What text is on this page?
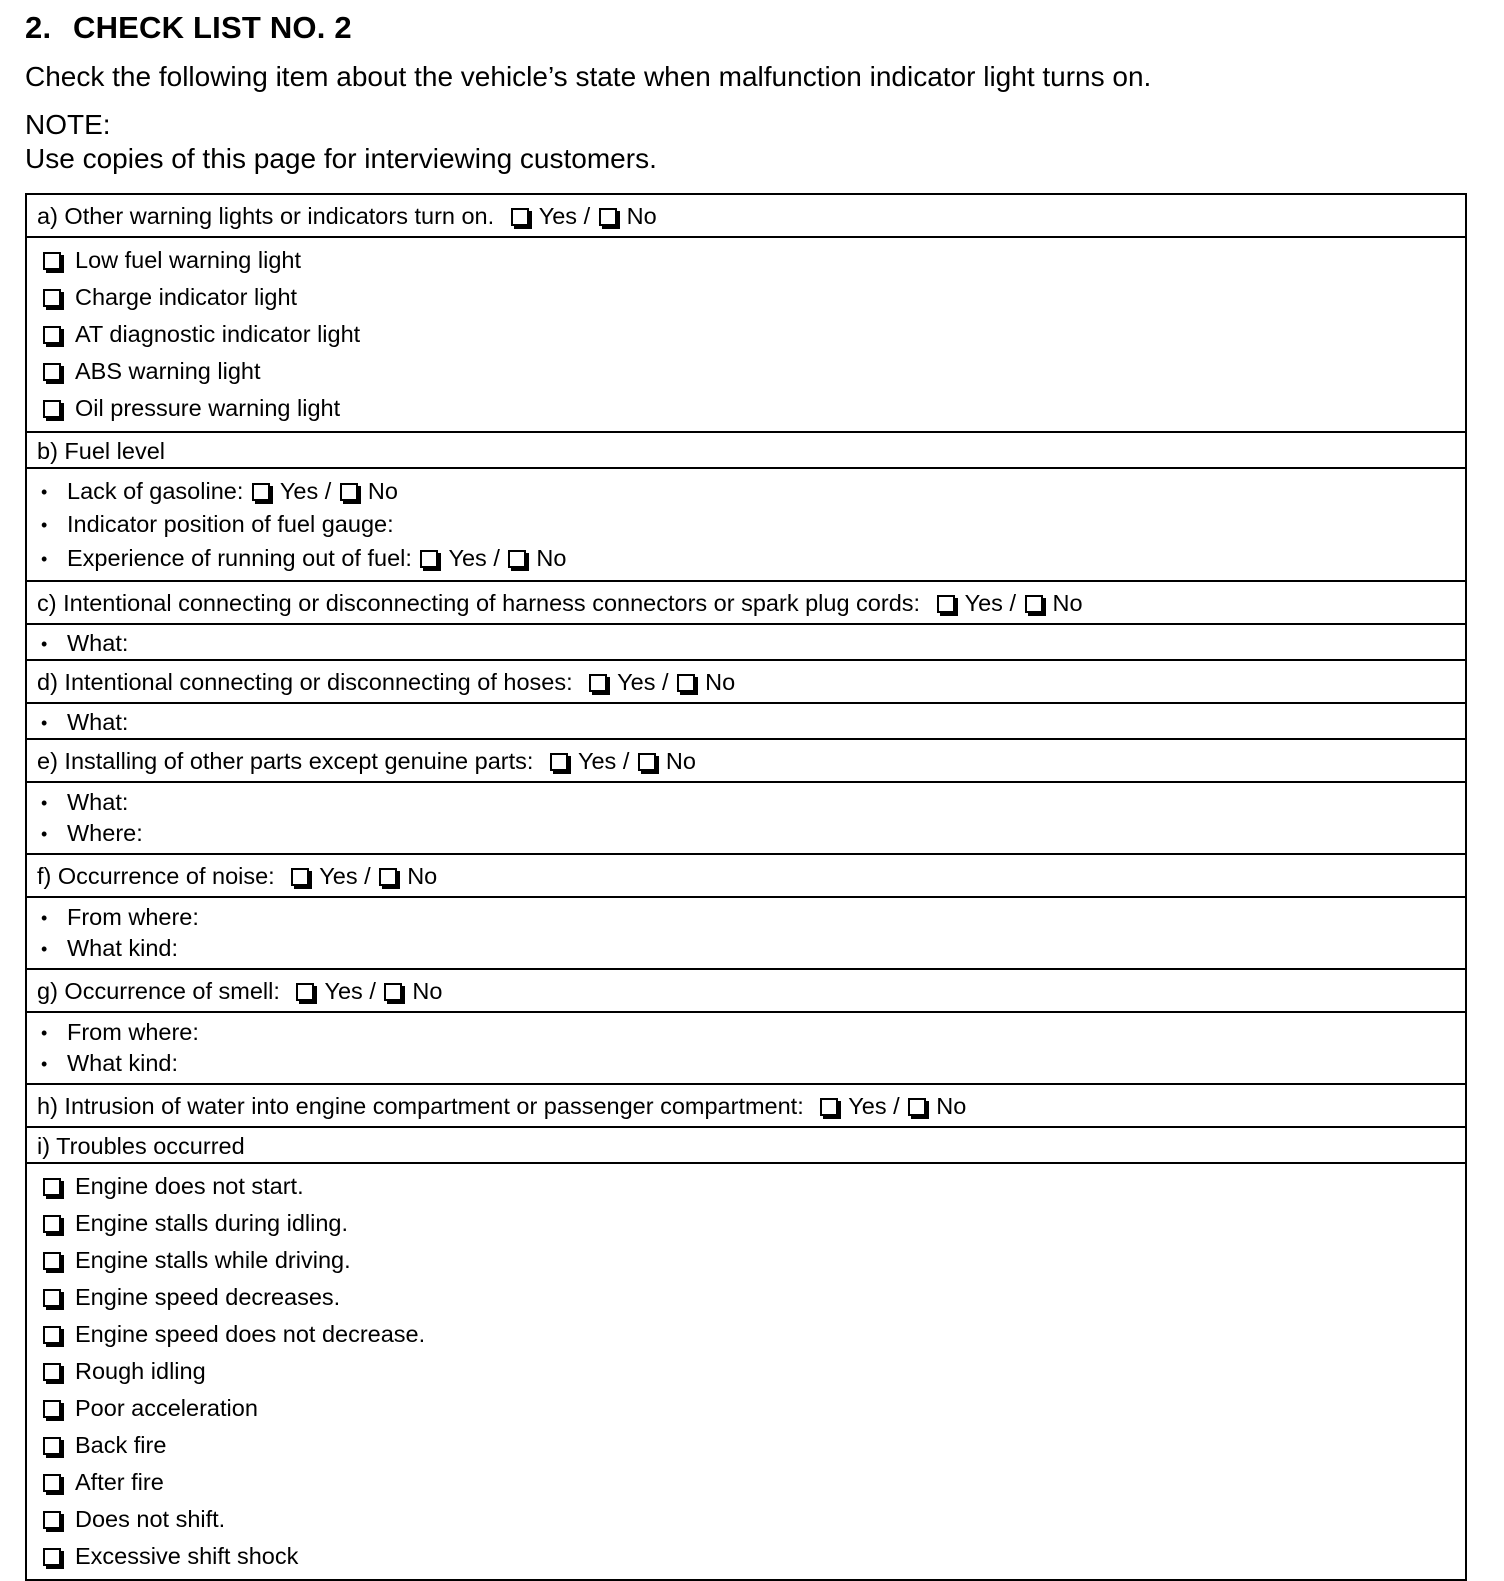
2. CHECK LIST NO. 2
Check the following item about the vehicle’s state when malfunction indicator light turns on.
NOTE:
Use copies of this page for interviewing customers.
a) Other warning lights or indicators turn on. Yes / No
Low fuel warning light
Charge indicator light
AT diagnostic indicator light
ABS warning light
Oil pressure warning light
b) Fuel level
• Lack of gasoline: Yes / No
• Indicator position of fuel gauge:
• Experience of running out of fuel: Yes / No
c) Intentional connecting or disconnecting of harness connectors or spark plug cords: Yes / No
• What:
d) Intentional connecting or disconnecting of hoses: Yes / No
• What:
e) Installing of other parts except genuine parts: Yes / No
• What:
• Where:
f) Occurrence of noise: Yes / No
• From where:
• What kind:
g) Occurrence of smell: Yes / No
• From where:
• What kind:
h) Intrusion of water into engine compartment or passenger compartment: Yes / No
i) Troubles occurred
Engine does not start.
Engine stalls during idling.
Engine stalls while driving.
Engine speed decreases.
Engine speed does not decrease.
Rough idling
Poor acceleration
Back fire
After fire
Does not shift.
Excessive shift shock
